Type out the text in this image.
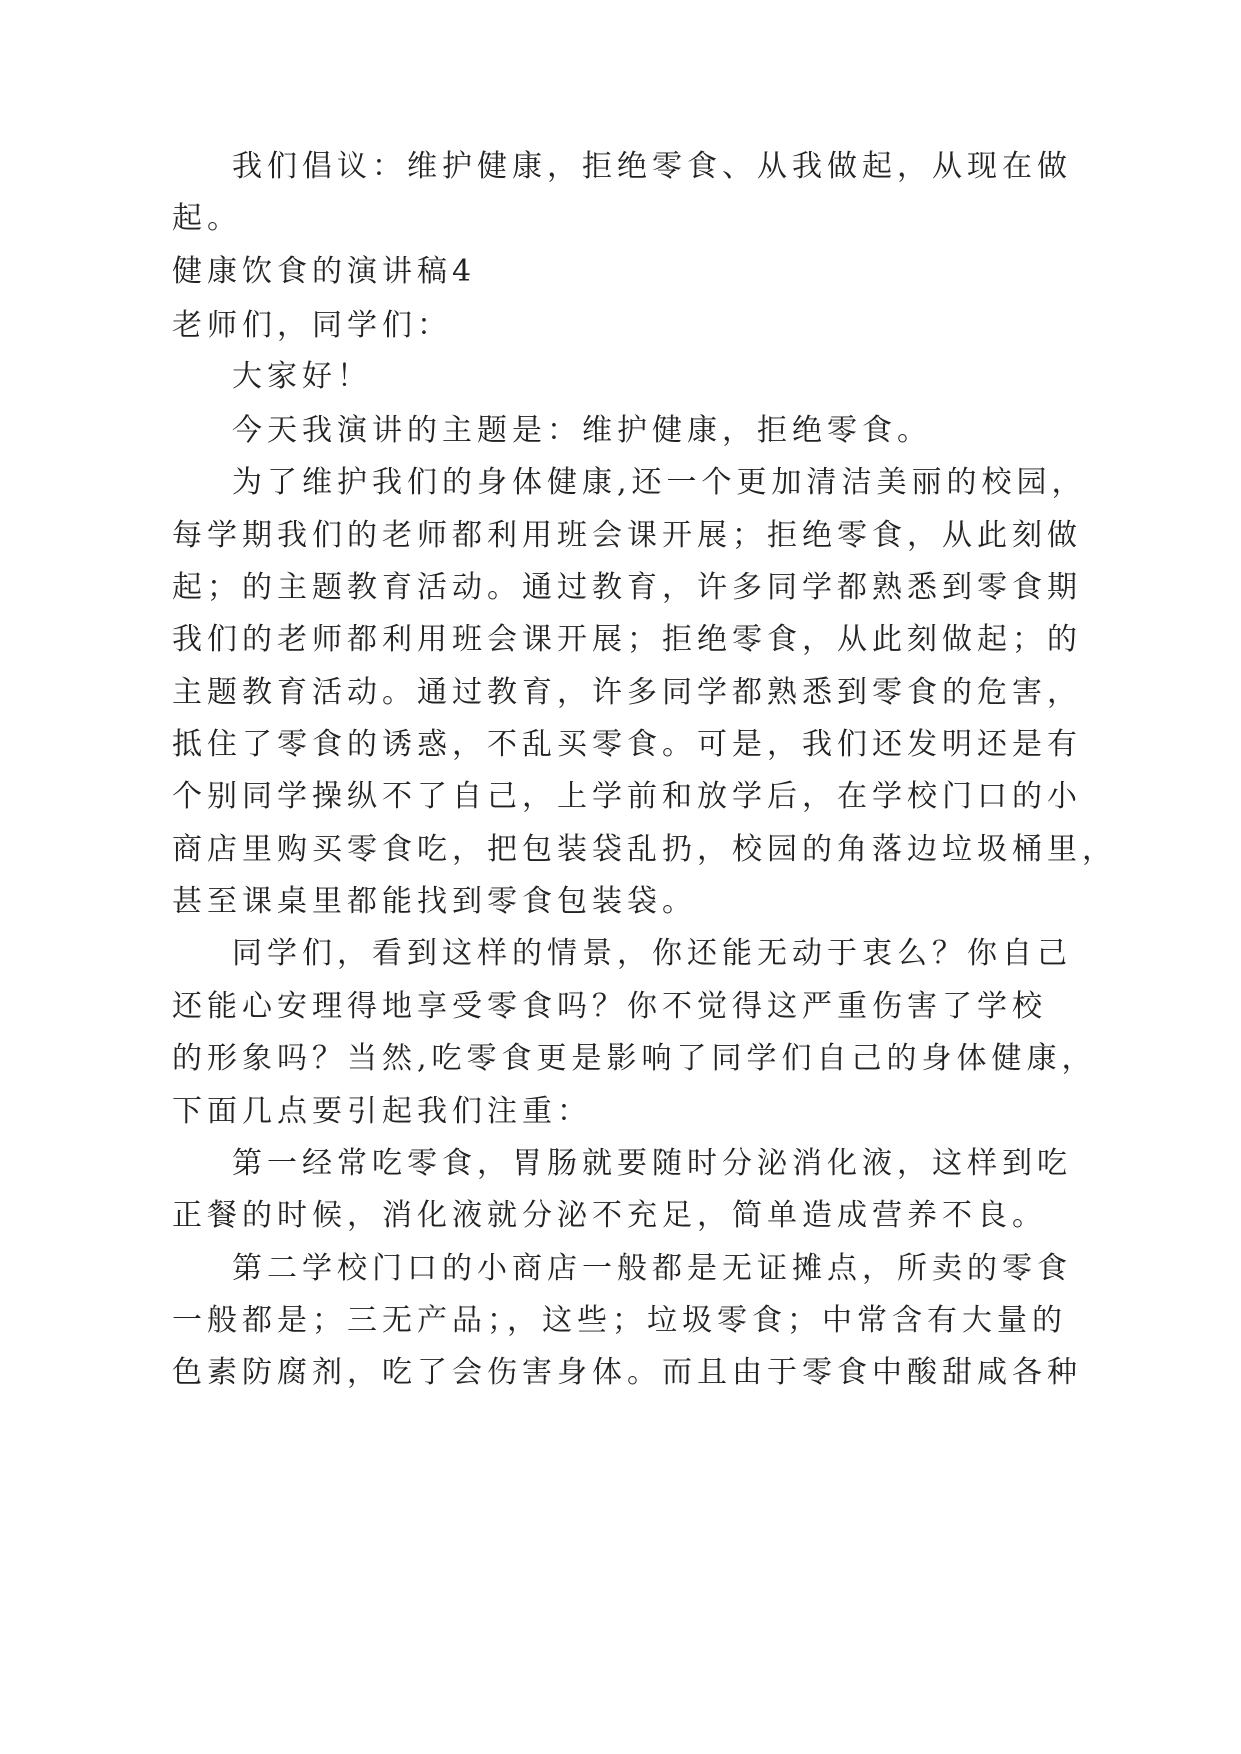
我们倡议：维护健康，拒绝零食、从我做起，从现在做
起。
健康饮食的演讲稿4
老师们，同学们：
大家好！
今天我演讲的主题是：维护健康，拒绝零食。
为了维护我们的身体健康,还一个更加清洁美丽的校园，
每学期我们的老师都利用班会课开展；拒绝零食，从此刻做
起；的主题教育活动。通过教育，许多同学都熟悉到零食期
我们的老师都利用班会课开展；拒绝零食，从此刻做起；的
主题教育活动。通过教育，许多同学都熟悉到零食的危害，
抵住了零食的诱惑，不乱买零食。可是，我们还发明还是有
个别同学操纵不了自己，上学前和放学后，在学校门口的小
商店里购买零食吃，把包装袋乱扔，校园的角落边垃圾桶里，
甚至课桌里都能找到零食包装袋。
同学们，看到这样的情景，你还能无动于衷么？你自己
还能心安理得地享受零食吗？你不觉得这严重伤害了学校
的形象吗？当然,吃零食更是影响了同学们自己的身体健康，
下面几点要引起我们注重：
第一经常吃零食，胃肠就要随时分泌消化液，这样到吃
正餐的时候，消化液就分泌不充足，简单造成营养不良。
第二学校门口的小商店一般都是无证摊点，所卖的零食
一般都是；三无产品；，这些；垃圾零食；中常含有大量的
色素防腐剂，吃了会伤害身体。而且由于零食中酸甜咸各种
